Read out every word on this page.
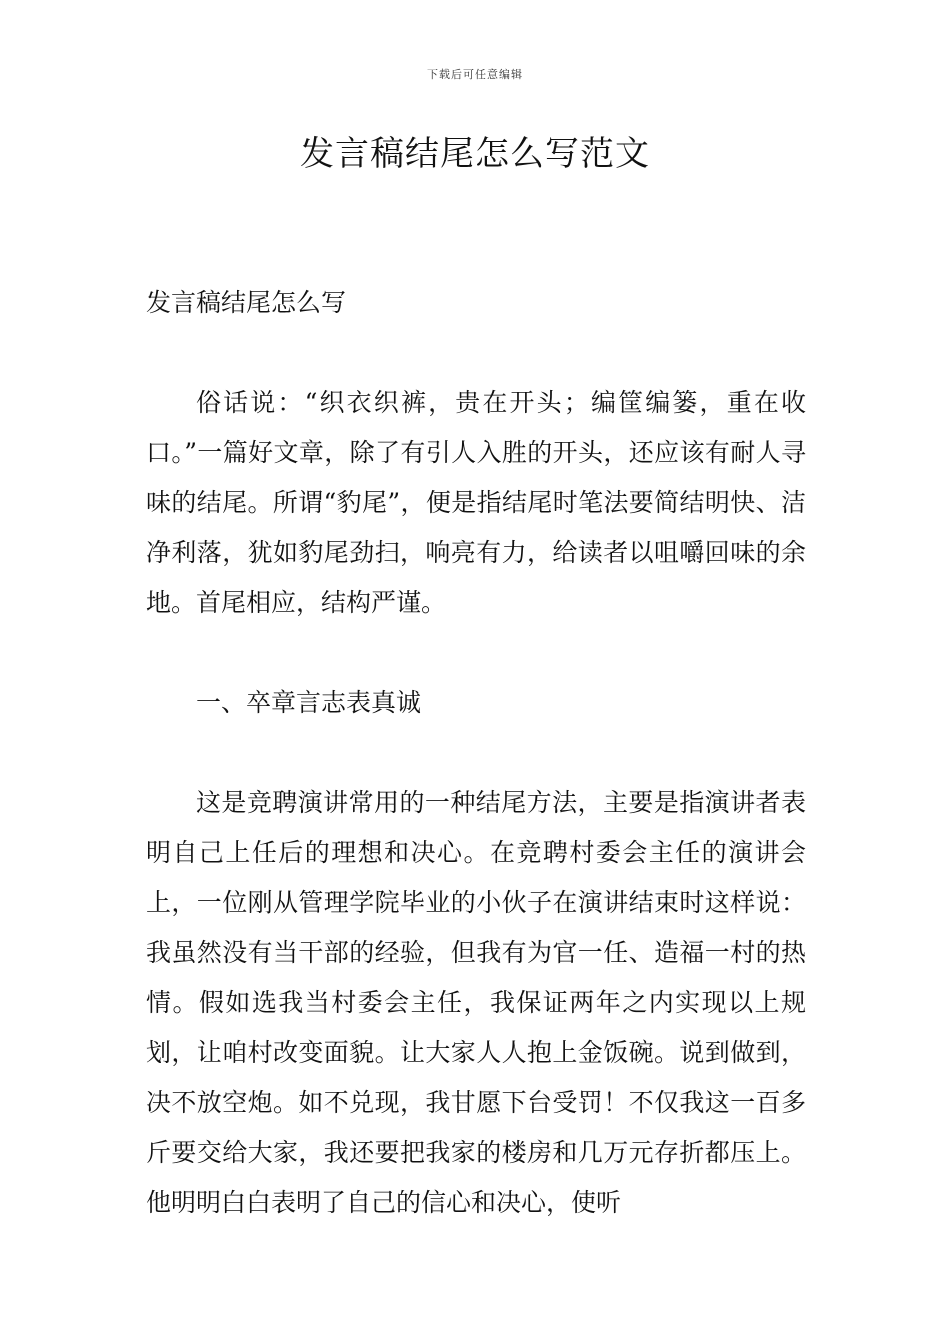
下载后可任意编辑
发言稿结尾怎么写范文

发言稿结尾怎么写

俗话说：“织衣织裤，贵在开头；编筐编篓，重在收口。”一篇好文章，除了有引人入胜的开头，还应该有耐人寻味的结尾。所谓“豹尾”，便是指结尾时笔法要简结明快、洁净利落，犹如豹尾劲扫，响亮有力，给读者以咀嚼回味的余地。首尾相应，结构严谨。

一、卒章言志表真诚

这是竞聘演讲常用的一种结尾方法，主要是指演讲者表明自己上任后的理想和决心。在竞聘村委会主任的演讲会上，一位刚从管理学院毕业的小伙子在演讲结束时这样说：我虽然没有当干部的经验，但我有为官一任、造福一村的热情。假如选我当村委会主任，我保证两年之内实现以上规划，让咱村改变面貌。让大家人人抱上金饭碗。说到做到，决不放空炮。如不兑现，我甘愿下台受罚！不仅我这一百多斤要交给大家，我还要把我家的楼房和几万元存折都压上。他明明白白表明了自己的信心和决心，使听
